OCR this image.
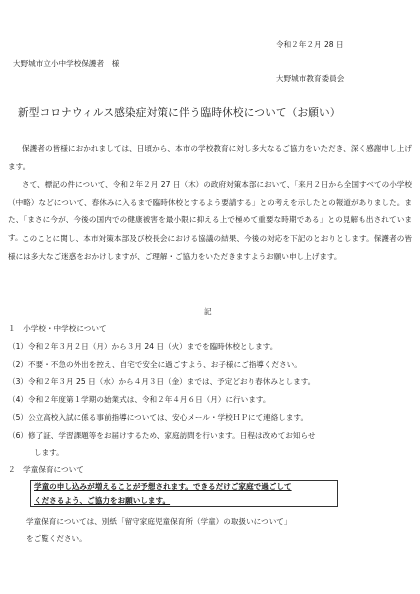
令和２年２月 28 日

大野城市立小中学校保護者　様

大野城市教育委員会

新型コロナウィルス感染症対策に伴う臨時休校について（お願い）

保護者の皆様におかれましては、日頃から、本市の学校教育に対し多大なるご協力をいただき、深く感謝申し上げます。

さて、標記の件について、令和２年２月 27 日（木）の政府対策本部において、「来月２日から全国すべての小学校（中略）などについて、春休みに入るまで臨時休校とするよう要請する」との考えを示したとの報道がありました。また、「まさに今が、今後の国内での健康被害を最小限に抑える上で極めて重要な時期である」との見解も出されています。 このことに関し、本市対策本部及び校長会における協議の結果、今後の対応を下記のとおりとします。保護者の皆様には多大なご迷惑をおかけしますが、ご理解・ご協力をいただきますようお願い申し上げます。

記

１　小学校・中学校について

（1）令和２年３月２日（月）から３月 24 日（火）までを臨時休校とします。

（2）不要・不急の外出を控え、自宅で安全に過ごすよう、お子様にご指導ください。

（3）令和２年３月 25 日（水）から４月３日（金）までは、予定どおり春休みとします。

（4）令和２年度第１学期の始業式は、令和２年４月６日（月）に行います。

（5）公立高校入試に係る事前指導については、安心メール・学校ＨＰにて連絡します。

（6）修了証、学習課題等をお届けするため、家庭訪問を行います。日程は改めてお知らせ

します。

２　学童保育について

学童の申し込みが増えることが予想されます。できるだけご家庭で過ごして

くださるよう、ご協力をお願いします。

学童保育については、別紙「留守家庭児童保育所（学童）の取扱いについて」

をご覧ください。
